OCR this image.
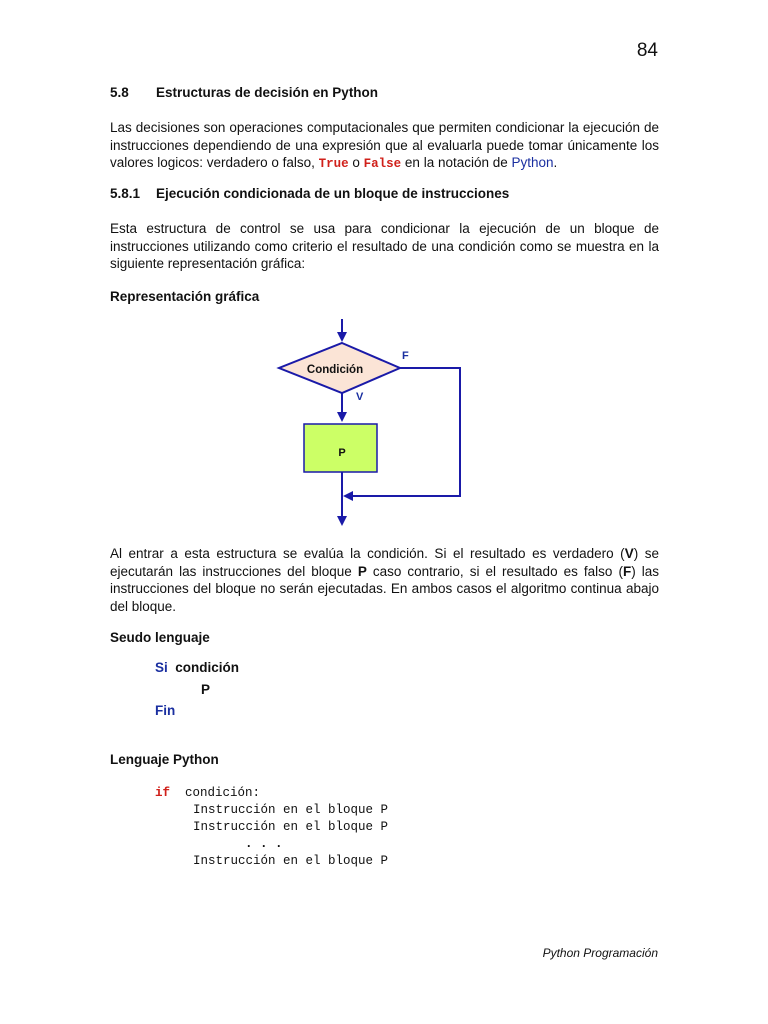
84
5.8 Estructuras de decisión en Python
Las decisiones son operaciones computacionales que permiten condicionar la ejecución de instrucciones dependiendo de una expresión que al evaluarla puede tomar únicamente los valores logicos: verdadero o falso, True o False en la notación de Python.
5.8.1 Ejecución condicionada de un bloque de instrucciones
Esta estructura de control se usa para condicionar la ejecución de un bloque de instrucciones utilizando como criterio el resultado de una condición como se muestra en la siguiente representación gráfica:
Representación gráfica
Condición
V
P
F
Al entrar a esta estructura se evalúa la condición. Si el resultado es verdadero (V) se ejecutarán las instrucciones del bloque P caso contrario, si el resultado es falso (F) las instrucciones del bloque no serán ejecutadas. En ambos casos el algoritmo continua abajo del bloque.
Seudo lenguaje
Si condición
P
Fin
Lenguaje Python
if condición:
Instrucción en el bloque P
Instrucción en el bloque P
. . .
Instrucción en el bloque P
Python Programación
